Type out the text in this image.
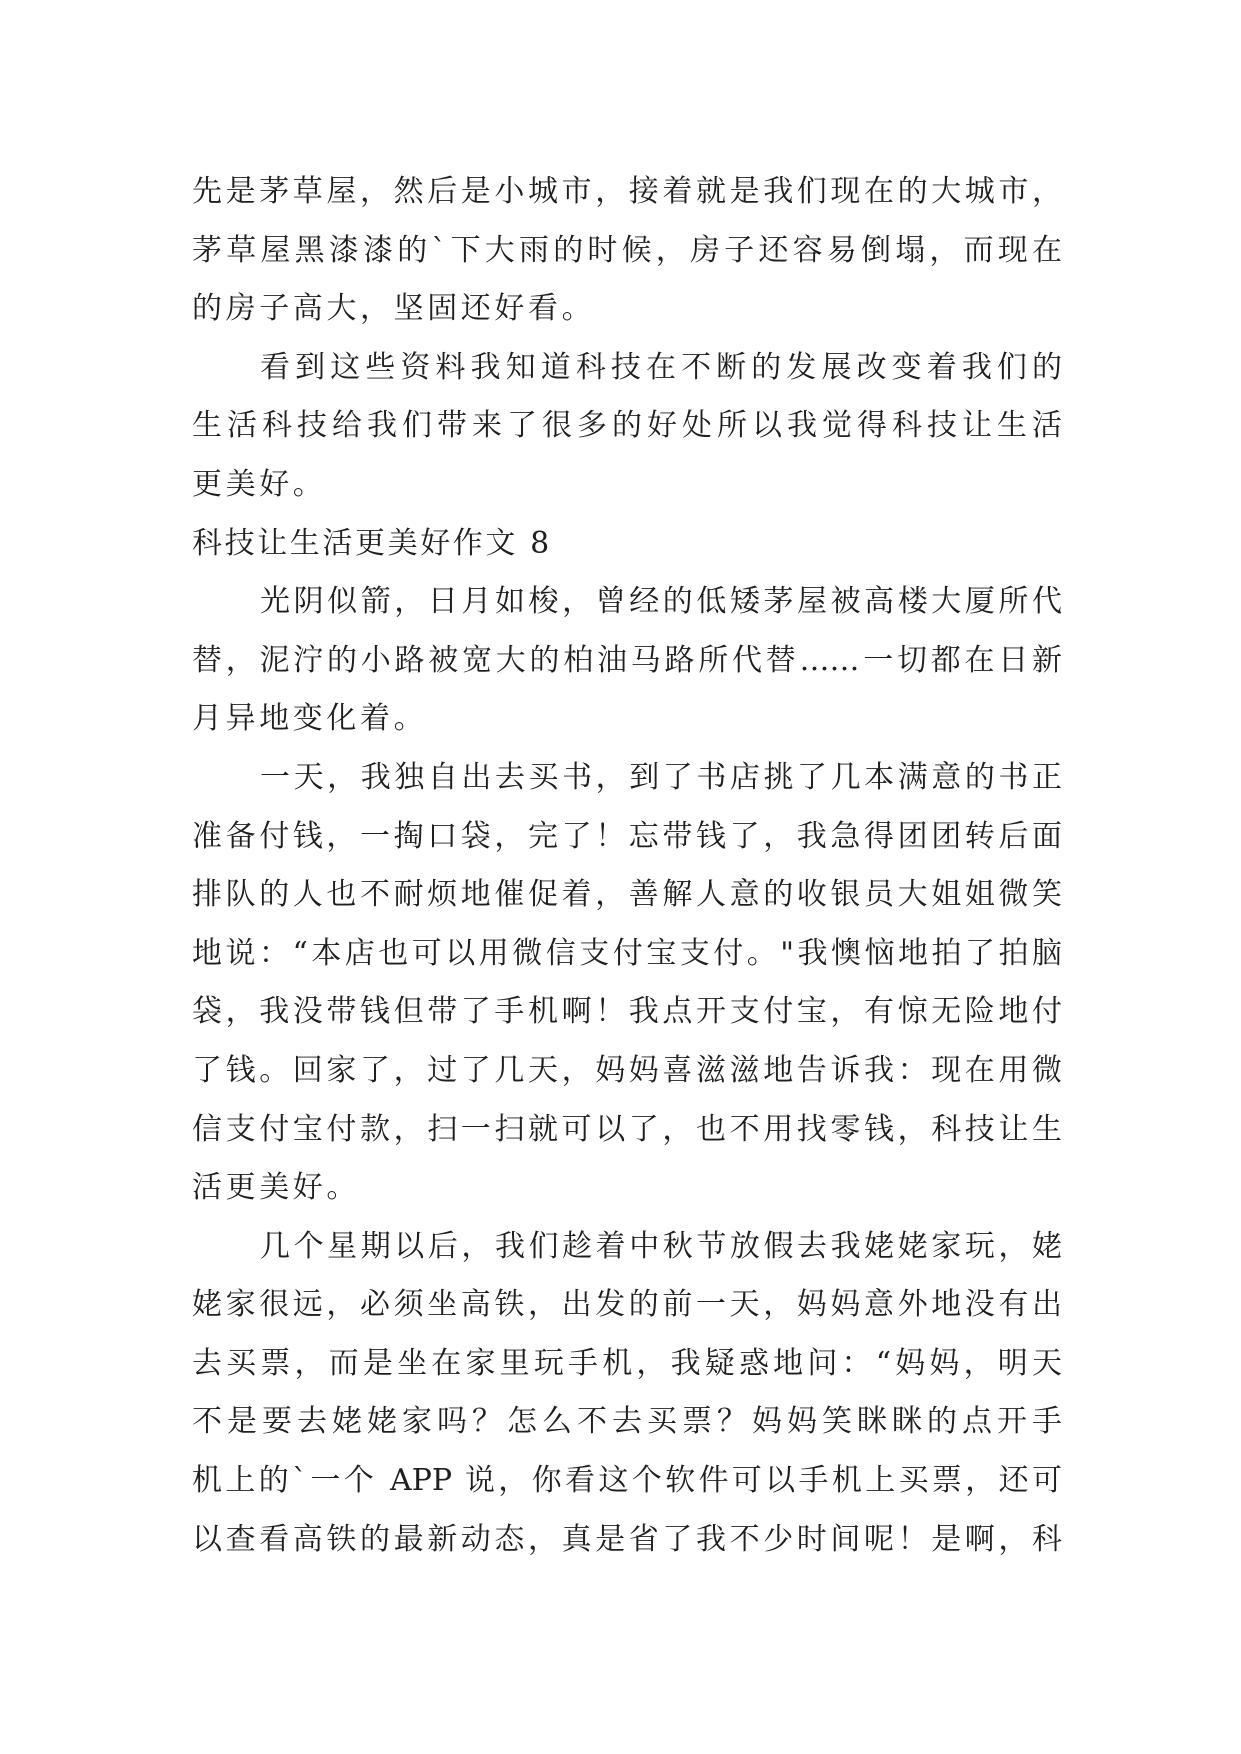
先是茅草屋，然后是小城市，接着就是我们现在的大城市，
茅草屋黑漆漆的`下大雨的时候，房子还容易倒塌，而现在
的房子高大，坚固还好看。
看到这些资料我知道科技在不断的发展改变着我们的
生活科技给我们带来了很多的好处所以我觉得科技让生活
更美好。
科技让生活更美好作文 8
光阴似箭，日月如梭，曾经的低矮茅屋被高楼大厦所代
替，泥泞的小路被宽大的柏油马路所代替……一切都在日新
月异地变化着。
一天，我独自出去买书，到了书店挑了几本满意的书正
准备付钱，一掏口袋，完了！忘带钱了，我急得团团转后面
排队的人也不耐烦地催促着，善解人意的收银员大姐姐微笑
地说：“本店也可以用微信支付宝支付。"我懊恼地拍了拍脑
袋，我没带钱但带了手机啊！我点开支付宝，有惊无险地付
了钱。回家了，过了几天，妈妈喜滋滋地告诉我：现在用微
信支付宝付款，扫一扫就可以了，也不用找零钱，科技让生
活更美好。
几个星期以后，我们趁着中秋节放假去我姥姥家玩，姥
姥家很远，必须坐高铁，出发的前一天，妈妈意外地没有出
去买票，而是坐在家里玩手机，我疑惑地问：“妈妈，明天
不是要去姥姥家吗？怎么不去买票？妈妈笑眯眯的点开手
机上的`一个 APP 说，你看这个软件可以手机上买票，还可
以查看高铁的最新动态，真是省了我不少时间呢！是啊，科
